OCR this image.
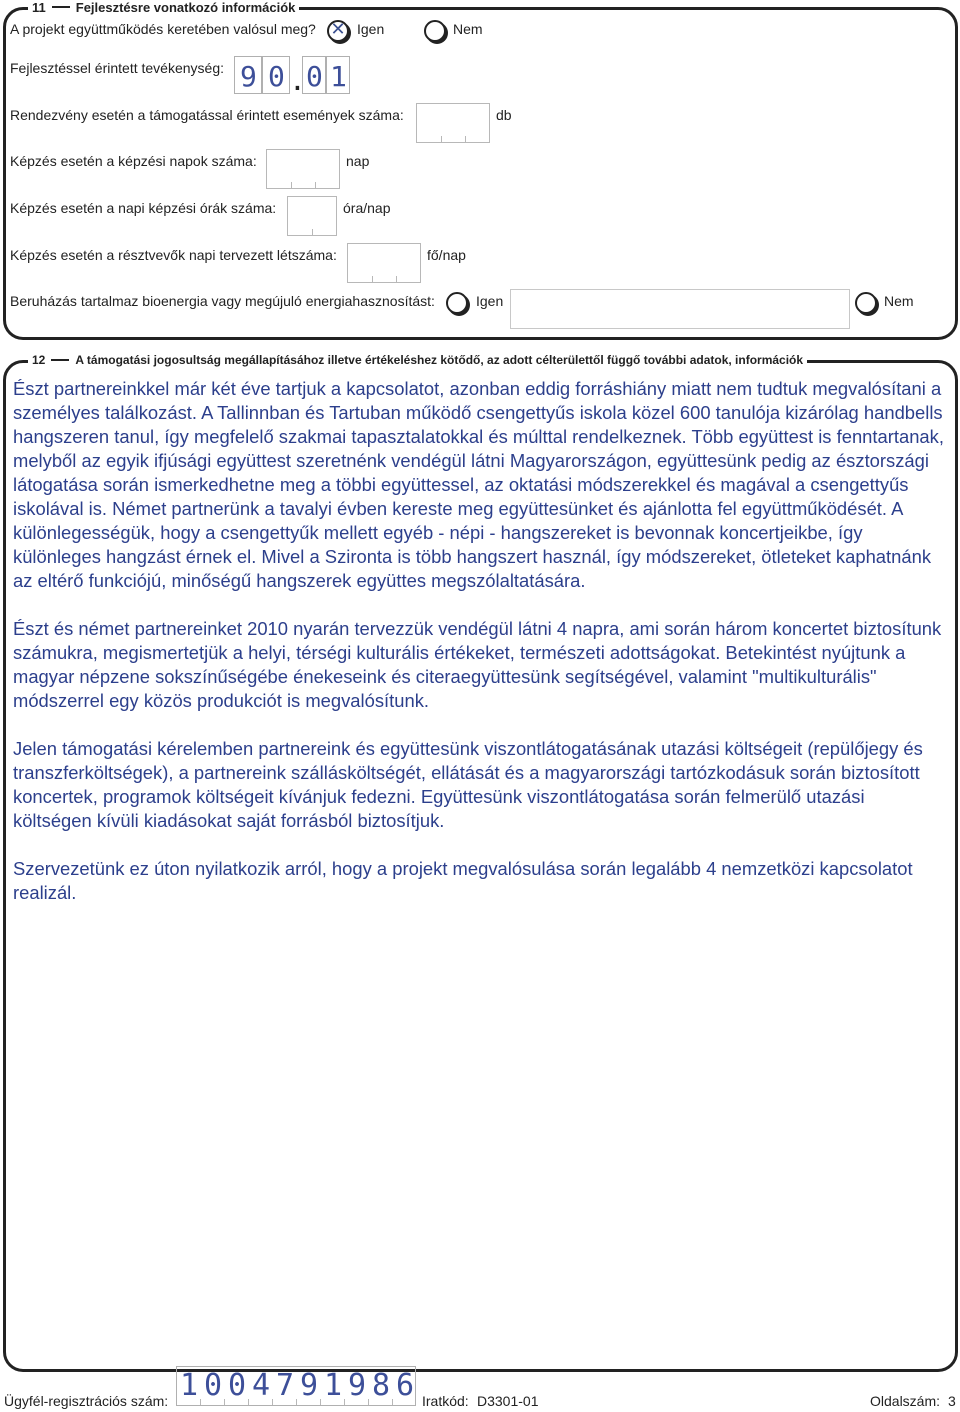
11 Fejlesztésre vonatkozó információk
A projekt együttműködés keretében valósul meg? ✕ Igen	Nem
Fejlesztéssel érintett tevékenység: 9 0 . 0 1
Rendezvény esetén a támogatással érintett események száma:	db
Képzés esetén a képzési napok száma:	nap
Képzés esetén a napi képzési órák száma:	óra/nap
Képzés esetén a résztvevők napi tervezett létszáma:	fő/nap
Beruházás tartalmaz bioenergia vagy megújuló energiahasznosítást:	Igen	Nem
12	A támogatási jogosultság megállapításához illetve értékeléshez kötődő, az adott célterülettől függő további adatok, információk

Észt partnereinkkel már két éve tartjuk a kapcsolatot, azonban eddig forráshiány miatt nem tudtuk megvalósítani a személyes találkozást. A Tallinnban és Tartuban működő csengettyűs iskola közel 600 tanulója kizárólag handbells hangszeren tanul, így megfelelő szakmai tapasztalatokkal és múlttal rendelkeznek. Több együttest is fenntartanak, melyből az egyik ifjúsági együttest szeretnénk vendégül látni Magyarországon, együttesünk pedig az észtországi látogatása során ismerkedhetne meg a többi együttessel, az oktatási módszerekkel és magával a csengettyűs iskolával is. Német partnerünk a tavalyi évben kereste meg együttesünket és ajánlotta fel együttműködését. A különlegességük, hogy a csengettyűk mellett egyéb - népi - hangszereket is bevonnak koncertjeikbe, így különleges hangzást érnek el. Mivel a Szironta is több hangszert használ, így módszereket, ötleteket kaphatnánk az eltérő funkciójú, minőségű hangszerek együttes megszólaltatására.

Észt és német partnereinket 2010 nyarán tervezzük vendégül látni 4 napra, ami során három koncertet biztosítunk számukra, megismertetjük a helyi, térségi kulturális értékeket, természeti adottságokat. Betekintést nyújtunk a magyar népzene sokszínűségébe énekeseink és citeraegyüttesünk segítségével, valamint "multikulturális" módszerrel egy közös produkciót is megvalósítunk.

Jelen támogatási kérelemben partnereink és együttesünk viszontlátogatásának utazási költségeit (repülőjegy és transzferköltségek), a partnereink szállásköltségét, ellátását és a magyarországi tartózkodásuk során biztosított koncertek, programok költségeit kívánjuk fedezni. Együttesünk viszontlátogatása során felmerülő utazási költségen kívüli kiadásokat saját forrásból biztosítjuk.

Szervezetünk ez úton nyilatkozik arról, hogy a projekt megvalósulása során legalább 4 nemzetközi kapcsolatot realizál.

Ügyfél-regisztrációs szám: 1 0 0 4 7 9 1 9 8 6 Iratkód: D3301-01	Oldalszám: 3
